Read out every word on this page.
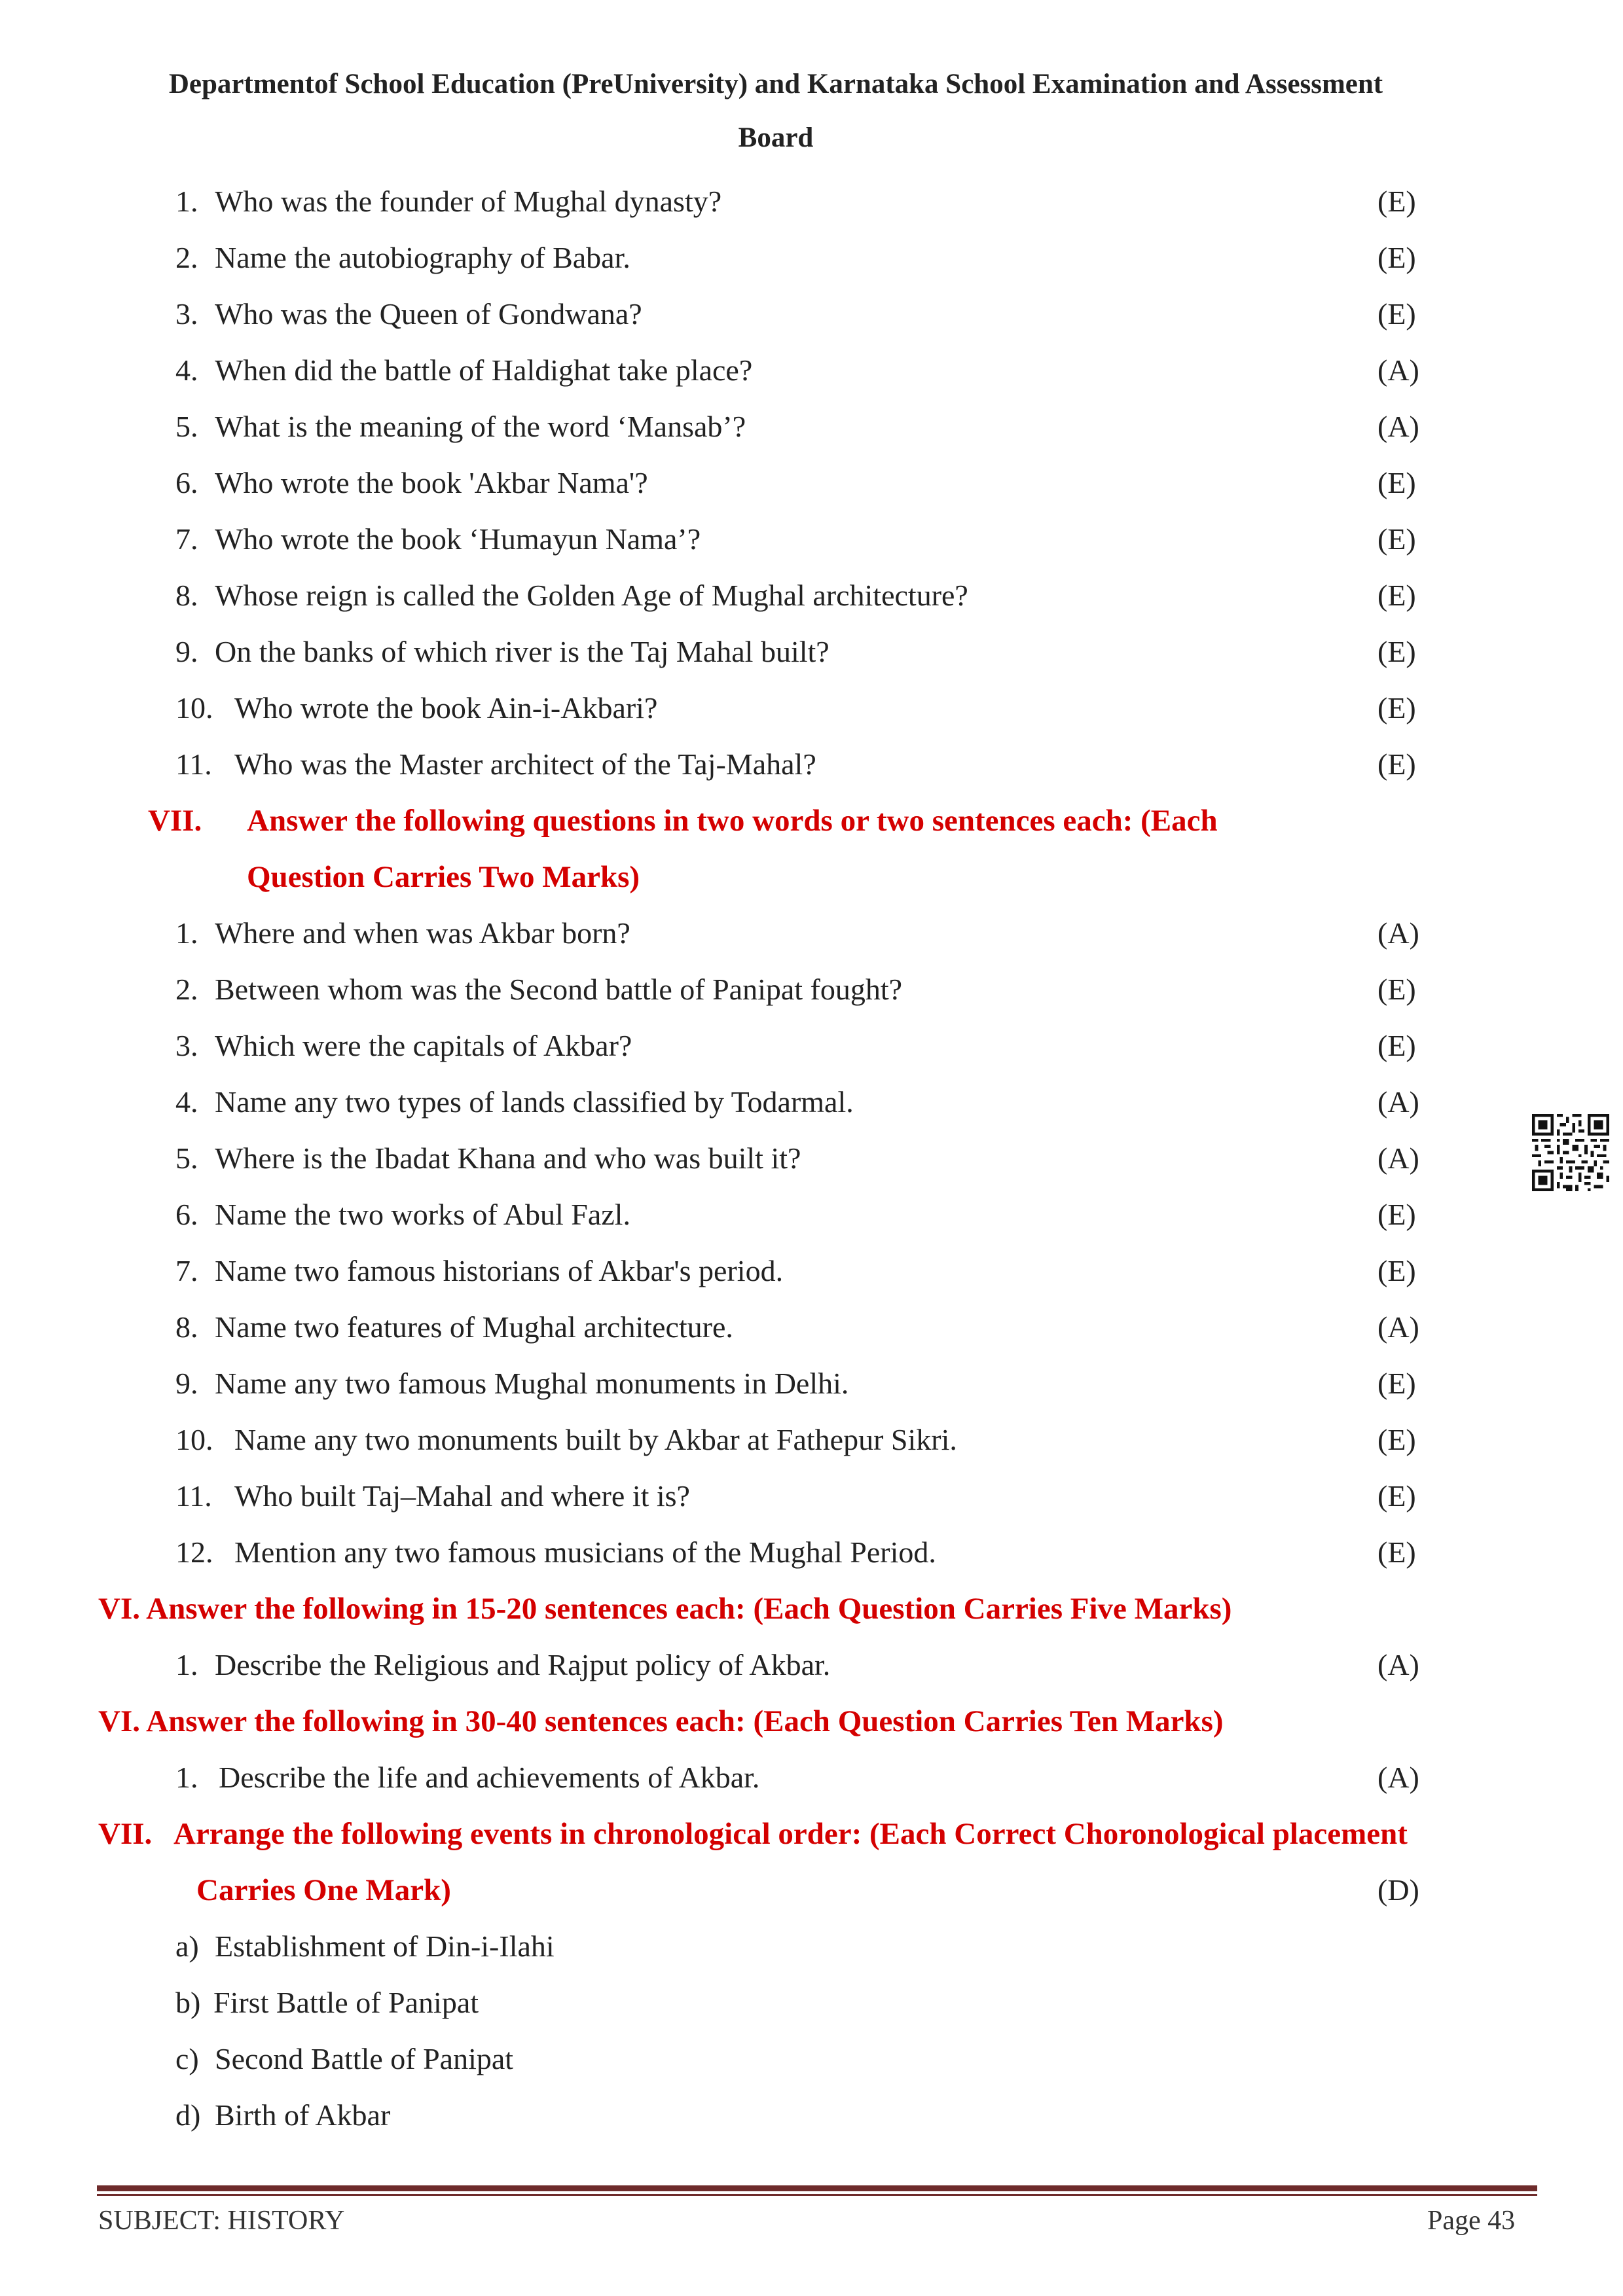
Departmentof School Education (PreUniversity) and Karnataka School Examination and Assessment
Board
1. Who was the founder of Mughal dynasty?	(E)
2. Name the autobiography of Babar.	(E)
3. Who was the Queen of Gondwana?	(E)
4. When did the battle of Haldighat take place?	(A)
5. What is the meaning of the word ‘Mansab’?	(A)
6. Who wrote the book 'Akbar Nama'?	(E)
7. Who wrote the book ‘Humayun Nama’?	(E)
8. Whose reign is called the Golden Age of Mughal architecture?	(E)
9. On the banks of which river is the Taj Mahal built?	(E)
10. Who wrote the book Ain-i-Akbari?	(E)
11. Who was the Master architect of the Taj-Mahal?	(E)
VII. Answer the following questions in two words or two sentences each: (Each
Question Carries Two Marks)
1. Where and when was Akbar born?	(A)
2. Between whom was the Second battle of Panipat fought?	(E)
3. Which were the capitals of Akbar?	(E)
4. Name any two types of lands classified by Todarmal.	(A)
5. Where is the Ibadat Khana and who was built it?	(A)
6. Name the two works of Abul Fazl.	(E)
7. Name two famous historians of Akbar's period.	(E)
8. Name two features of Mughal architecture.	(A)
9. Name any two famous Mughal monuments in Delhi.	(E)
10. Name any two monuments built by Akbar at Fathepur Sikri.	(E)
11. Who built Taj–Mahal and where it is?	(E)
12. Mention any two famous musicians of the Mughal Period.	(E)
VI. Answer the following in 15-20 sentences each: (Each Question Carries Five Marks)
1. Describe the Religious and Rajput policy of Akbar.	(A)
VI. Answer the following in 30-40 sentences each: (Each Question Carries Ten Marks)
1. Describe the life and achievements of Akbar.	(A)
VII. Arrange the following events in chronological order: (Each Correct Choronological placement
Carries One Mark)	(D)
a) Establishment of Din-i-Ilahi
b) First Battle of Panipat
c) Second Battle of Panipat
d) Birth of Akbar
SUBJECT: HISTORY	Page 43
